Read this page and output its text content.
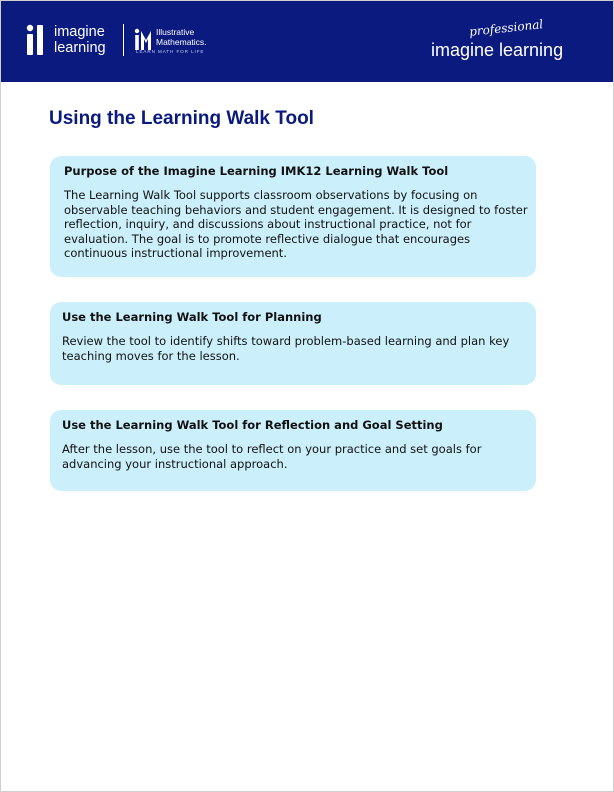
imagine
learning
Illustrative
Mathematics.
LEARN MATH FOR LIFE
professional
imagine learning
Using the Learning Walk Tool
Purpose of the Imagine Learning IMK12 Learning Walk Tool

The Learning Walk Tool supports classroom observations by focusing on observable teaching behaviors and student engagement. It is designed to foster reflection, inquiry, and discussions about instructional practice, not for evaluation. The goal is to promote reflective dialogue that encourages continuous instructional improvement.

Use the Learning Walk Tool for Planning

Review the tool to identify shifts toward problem-based learning and plan key teaching moves for the lesson.

Use the Learning Walk Tool for Reflection and Goal Setting

After the lesson, use the tool to reflect on your practice and set goals for advancing your instructional approach.
